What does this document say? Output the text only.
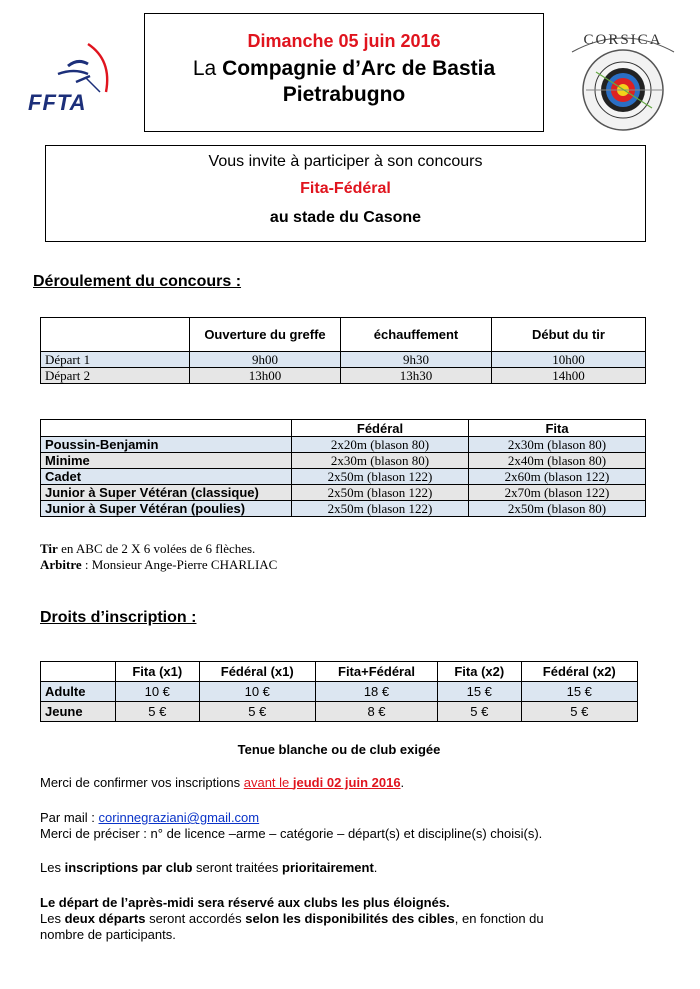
FFTA
Dimanche 05 juin 2016
La Compagnie d’Arc de Bastia
Pietrabugno
CORSICA
Vous invite à participer à son concours
Fita-Fédéral
au stade du Casone
Déroulement du concours :
	Ouverture du greffe	échauffement	Début du tir
Départ 1	9h00	9h30	10h00
Départ 2	13h00	13h30	14h00
	Fédéral	Fita
Poussin-Benjamin	2x20m (blason 80)	2x30m (blason 80)
Minime	2x30m (blason 80)	2x40m (blason 80)
Cadet	2x50m (blason 122)	2x60m (blason 122)
Junior à Super Vétéran (classique)	2x50m (blason 122)	2x70m (blason 122)
Junior à Super Vétéran (poulies)	2x50m (blason 122)	2x50m (blason 80)
Tir en ABC de 2 X 6 volées de 6 flèches.
Arbitre : Monsieur Ange-Pierre CHARLIAC
Droits d’inscription :
	Fita (x1)	Fédéral (x1)	Fita+Fédéral	Fita (x2)	Fédéral (x2)
Adulte	10 €	10 €	18 €	15 €	15 €
Jeune	5 €	5 €	8 €	5 €	5 €
Tenue blanche ou de club exigée
Merci de confirmer vos inscriptions avant le jeudi 02 juin 2016.
Par mail : corinnegraziani@gmail.com
Merci de préciser : n° de licence –arme – catégorie – départ(s) et discipline(s) choisi(s).
Les inscriptions par club seront traitées prioritairement.
Le départ de l’après-midi sera réservé aux clubs les plus éloignés.
Les deux départs seront accordés selon les disponibilités des cibles, en fonction du
nombre de participants.
